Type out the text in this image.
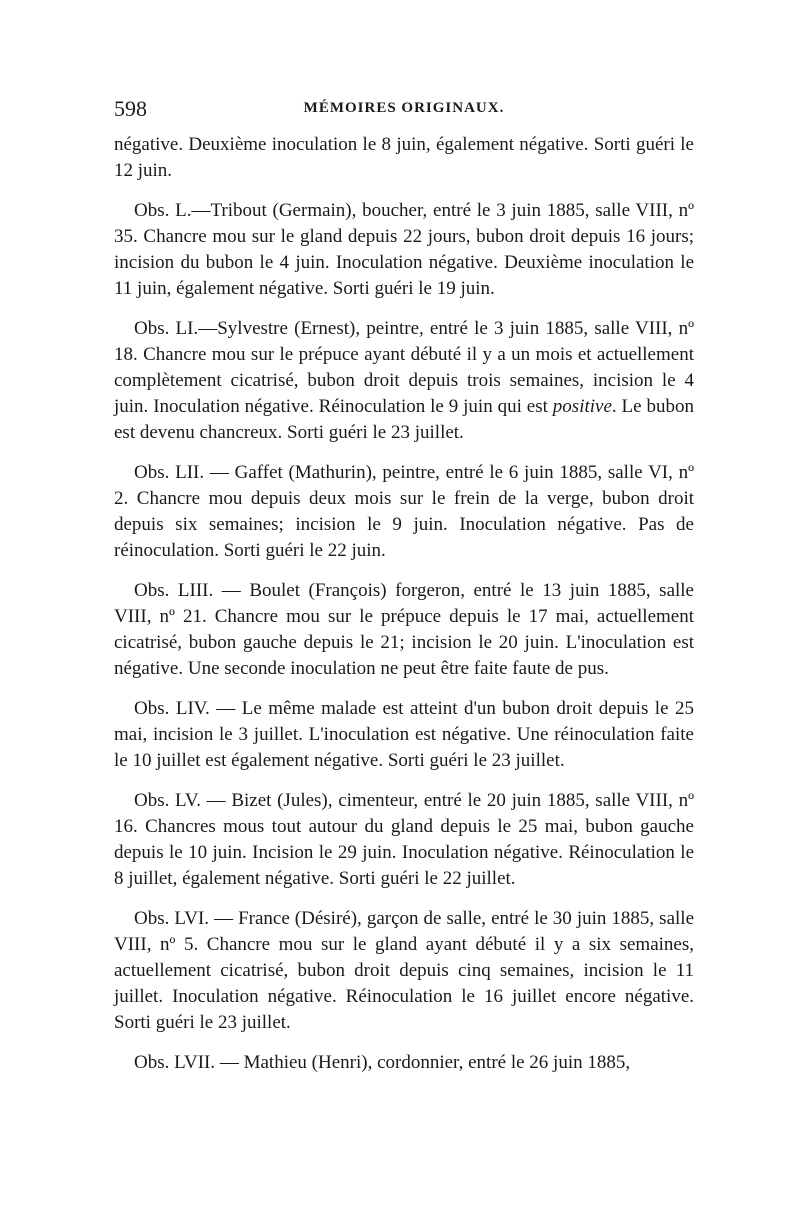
598	MÉMOIRES ORIGINAUX.

négative. Deuxième inoculation le 8 juin, également négative. Sorti guéri le 12 juin.

Obs. L.—Tribout (Germain), boucher, entré le 3 juin 1885, salle VIII, nº 35. Chancre mou sur le gland depuis 22 jours, bubon droit depuis 16 jours; incision du bubon le 4 juin. Inoculation négative. Deuxième inoculation le 11 juin, également négative. Sorti guéri le 19 juin.

Obs. LI.—Sylvestre (Ernest), peintre, entré le 3 juin 1885, salle VIII, nº 18. Chancre mou sur le prépuce ayant débuté il y a un mois et actuellement complètement cicatrisé, bubon droit depuis trois semaines, incision le 4 juin. Inoculation négative. Réinoculation le 9 juin qui est positive. Le bubon est devenu chancreux. Sorti guéri le 23 juillet.

Obs. LII. — Gaffet (Mathurin), peintre, entré le 6 juin 1885, salle VI, nº 2. Chancre mou depuis deux mois sur le frein de la verge, bubon droit depuis six semaines; incision le 9 juin. Inoculation négative. Pas de réinoculation. Sorti guéri le 22 juin.

Obs. LIII. — Boulet (François) forgeron, entré le 13 juin 1885, salle VIII, nº 21. Chancre mou sur le prépuce depuis le 17 mai, actuellement cicatrisé, bubon gauche depuis le 21; incision le 20 juin. L'inoculation est négative. Une seconde inoculation ne peut être faite faute de pus.

Obs. LIV. — Le même malade est atteint d'un bubon droit depuis le 25 mai, incision le 3 juillet. L'inoculation est négative. Une réinoculation faite le 10 juillet est également négative. Sorti guéri le 23 juillet.

Obs. LV. — Bizet (Jules), cimenteur, entré le 20 juin 1885, salle VIII, nº 16. Chancres mous tout autour du gland depuis le 25 mai, bubon gauche depuis le 10 juin. Incision le 29 juin. Inoculation négative. Réinoculation le 8 juillet, également négative. Sorti guéri le 22 juillet.

Obs. LVI. — France (Désiré), garçon de salle, entré le 30 juin 1885, salle VIII, nº 5. Chancre mou sur le gland ayant débuté il y a six semaines, actuellement cicatrisé, bubon droit depuis cinq semaines, incision le 11 juillet. Inoculation négative. Réinoculation le 16 juillet encore négative. Sorti guéri le 23 juillet.

Obs. LVII. — Mathieu (Henri), cordonnier, entré le 26 juin 1885,
